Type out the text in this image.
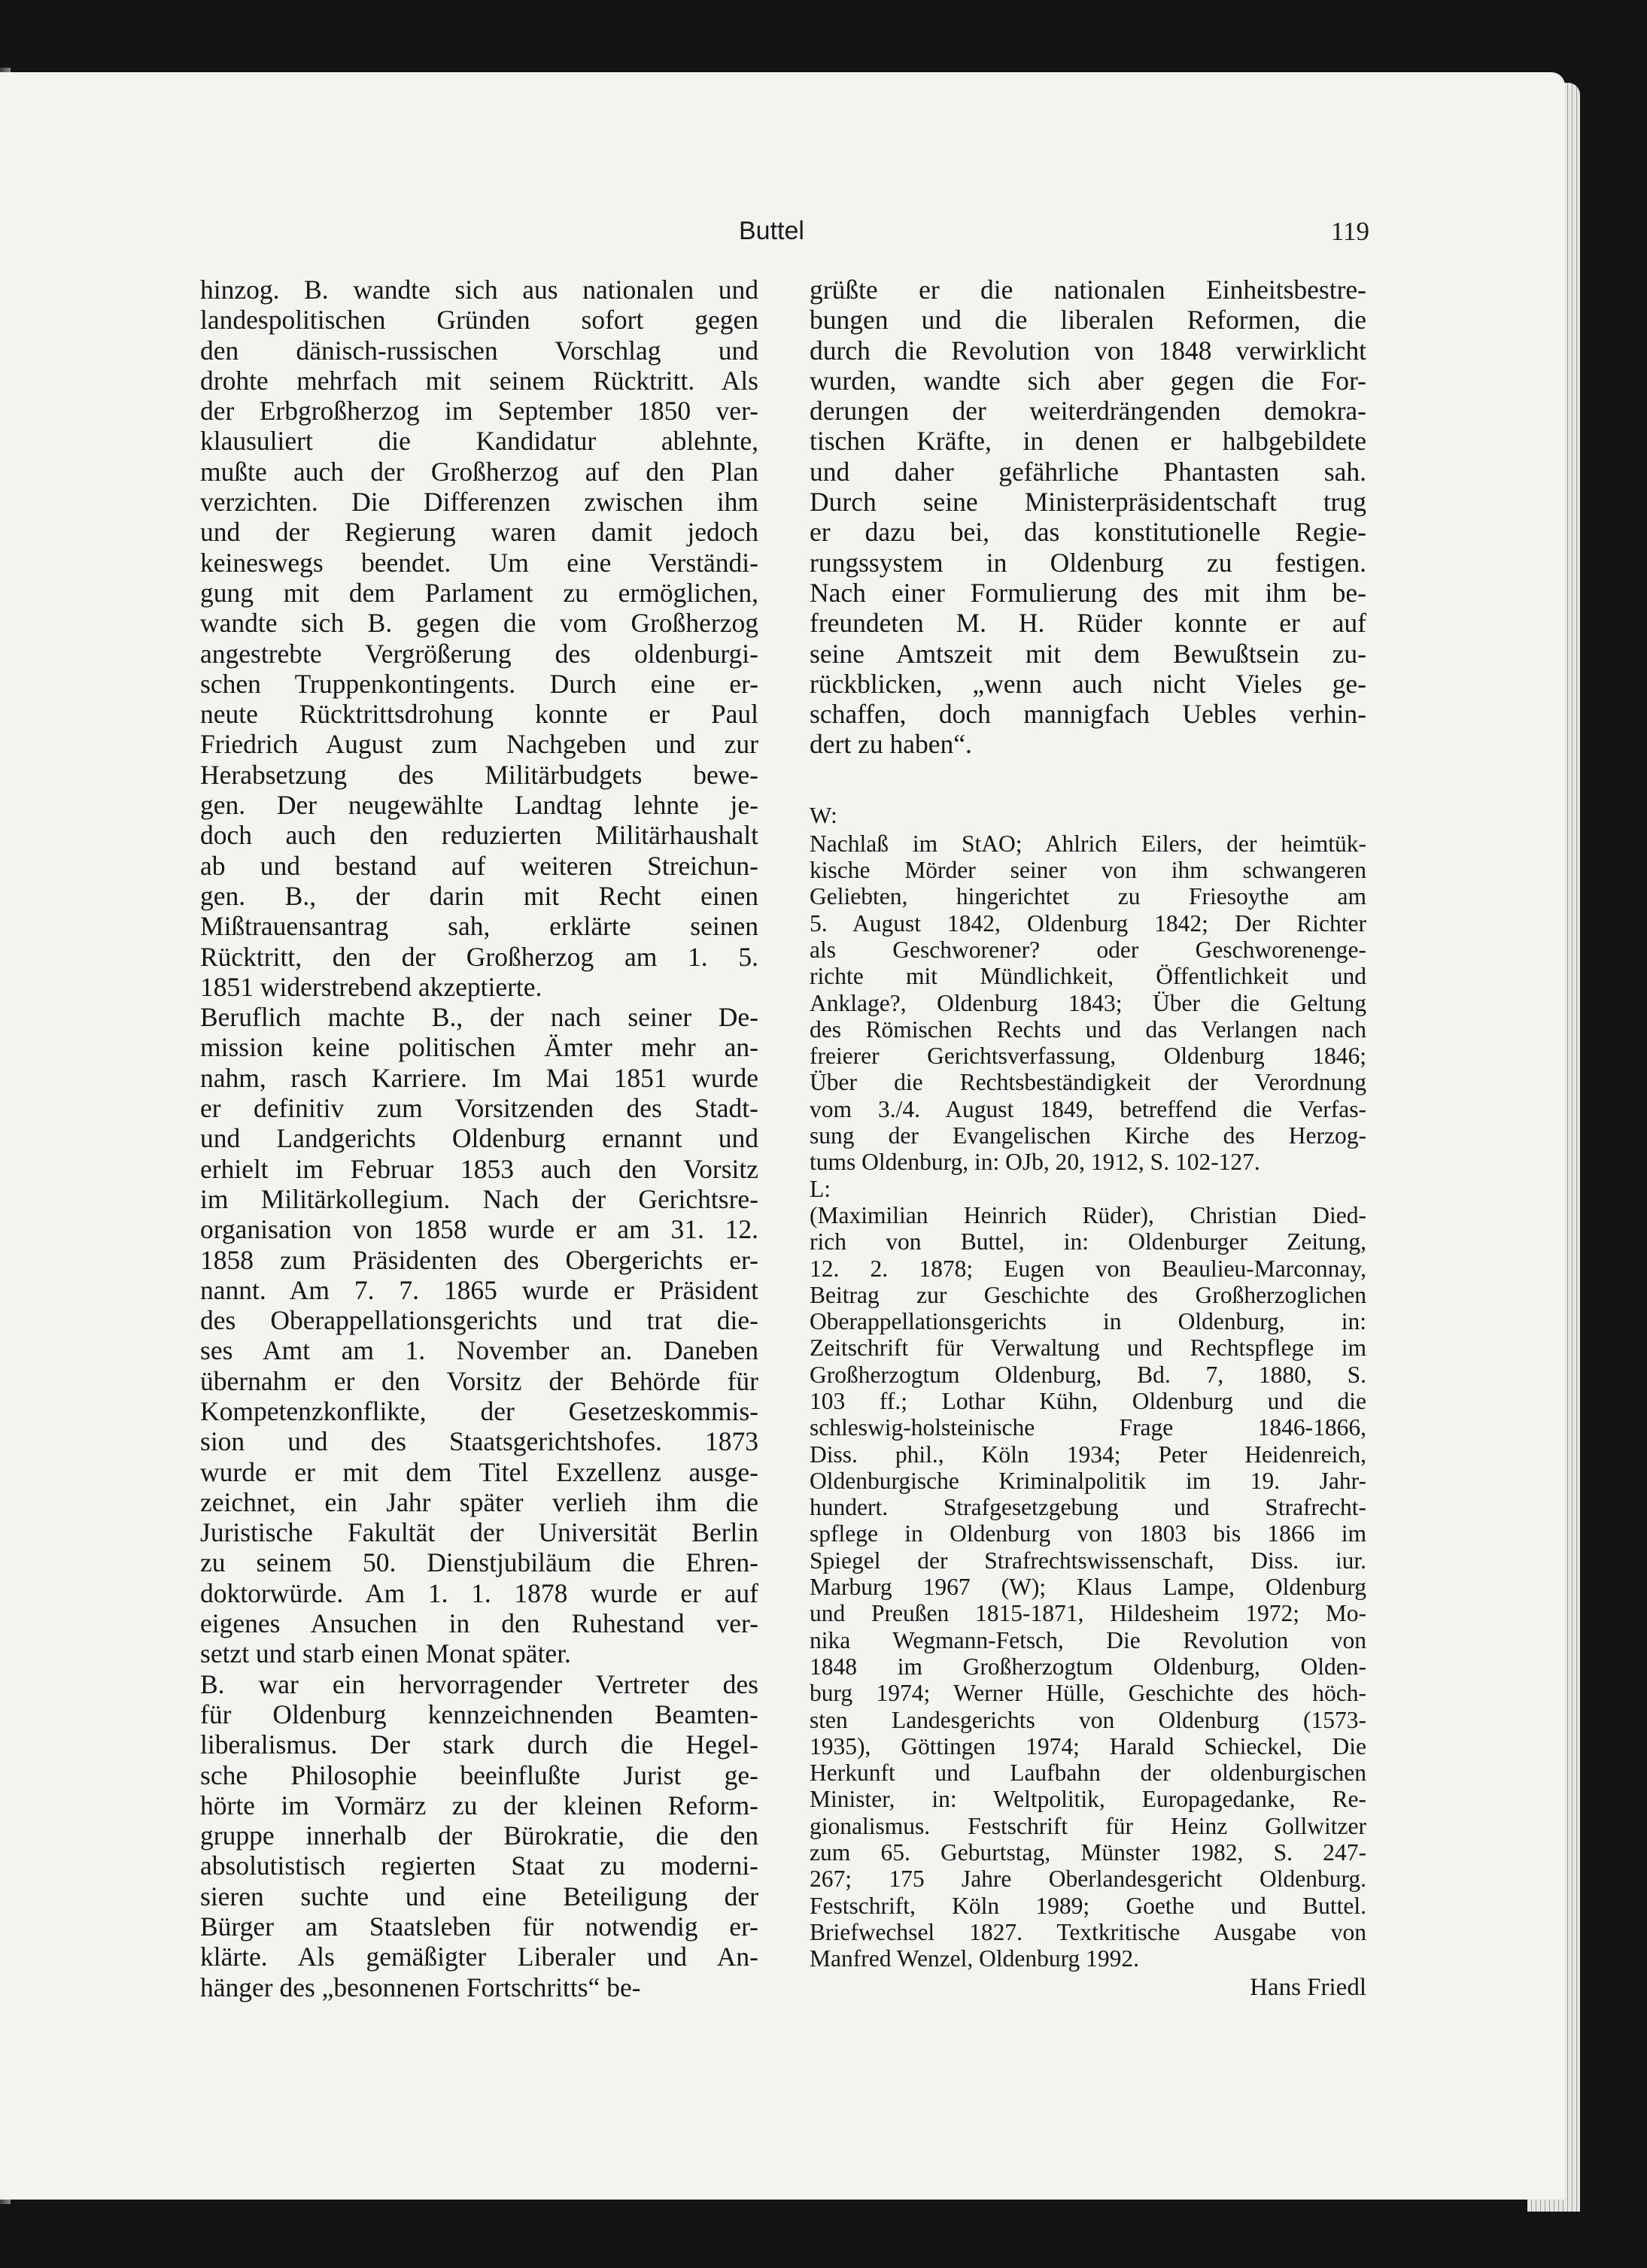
Buttel	119
hinzog. B. wandte sich aus nationalen und
landespolitischen Gründen sofort gegen
den dänisch-russischen Vorschlag und
drohte mehrfach mit seinem Rücktritt. Als
der Erbgroßherzog im September 1850 ver-
klausuliert die Kandidatur ablehnte,
mußte auch der Großherzog auf den Plan
verzichten. Die Differenzen zwischen ihm
und der Regierung waren damit jedoch
keineswegs beendet. Um eine Verständi-
gung mit dem Parlament zu ermöglichen,
wandte sich B. gegen die vom Großherzog
angestrebte Vergrößerung des oldenburgi-
schen Truppenkontingents. Durch eine er-
neute Rücktrittsdrohung konnte er Paul
Friedrich August zum Nachgeben und zur
Herabsetzung des Militärbudgets bewe-
gen. Der neugewählte Landtag lehnte je-
doch auch den reduzierten Militärhaushalt
ab und bestand auf weiteren Streichun-
gen. B., der darin mit Recht einen
Mißtrauensantrag sah, erklärte seinen
Rücktritt, den der Großherzog am 1. 5.
1851 widerstrebend akzeptierte.
Beruflich machte B., der nach seiner De-
mission keine politischen Ämter mehr an-
nahm, rasch Karriere. Im Mai 1851 wurde
er definitiv zum Vorsitzenden des Stadt-
und Landgerichts Oldenburg ernannt und
erhielt im Februar 1853 auch den Vorsitz
im Militärkollegium. Nach der Gerichtsre-
organisation von 1858 wurde er am 31. 12.
1858 zum Präsidenten des Obergerichts er-
nannt. Am 7. 7. 1865 wurde er Präsident
des Oberappellationsgerichts und trat die-
ses Amt am 1. November an. Daneben
übernahm er den Vorsitz der Behörde für
Kompetenzkonflikte, der Gesetzeskommis-
sion und des Staatsgerichtshofes. 1873
wurde er mit dem Titel Exzellenz ausge-
zeichnet, ein Jahr später verlieh ihm die
Juristische Fakultät der Universität Berlin
zu seinem 50. Dienstjubiläum die Ehren-
doktorwürde. Am 1. 1. 1878 wurde er auf
eigenes Ansuchen in den Ruhestand ver-
setzt und starb einen Monat später.
B. war ein hervorragender Vertreter des
für Oldenburg kennzeichnenden Beamten-
liberalismus. Der stark durch die Hegel-
sche Philosophie beeinflußte Jurist ge-
hörte im Vormärz zu der kleinen Reform-
gruppe innerhalb der Bürokratie, die den
absolutistisch regierten Staat zu moderni-
sieren suchte und eine Beteiligung der
Bürger am Staatsleben für notwendig er-
klärte. Als gemäßigter Liberaler und An-
hänger des „besonnenen Fortschritts“ be-
grüßte er die nationalen Einheitsbestre-
bungen und die liberalen Reformen, die
durch die Revolution von 1848 verwirklicht
wurden, wandte sich aber gegen die For-
derungen der weiterdrängenden demokra-
tischen Kräfte, in denen er halbgebildete
und daher gefährliche Phantasten sah.
Durch seine Ministerpräsidentschaft trug
er dazu bei, das konstitutionelle Regie-
rungssystem in Oldenburg zu festigen.
Nach einer Formulierung des mit ihm be-
freundeten M. H. Rüder konnte er auf
seine Amtszeit mit dem Bewußtsein zu-
rückblicken, „wenn auch nicht Vieles ge-
schaffen, doch mannigfach Uebles verhin-
dert zu haben“.
W:
Nachlaß im StAO; Ahlrich Eilers, der heimtük-
kische Mörder seiner von ihm schwangeren
Geliebten, hingerichtet zu Friesoythe am
5. August 1842, Oldenburg 1842; Der Richter
als Geschworener? oder Geschworenenge-
richte mit Mündlichkeit, Öffentlichkeit und
Anklage?, Oldenburg 1843; Über die Geltung
des Römischen Rechts und das Verlangen nach
freierer Gerichtsverfassung, Oldenburg 1846;
Über die Rechtsbeständigkeit der Verordnung
vom 3./4. August 1849, betreffend die Verfas-
sung der Evangelischen Kirche des Herzog-
tums Oldenburg, in: OJb, 20, 1912, S. 102-127.
L:
(Maximilian Heinrich Rüder), Christian Died-
rich von Buttel, in: Oldenburger Zeitung,
12. 2. 1878; Eugen von Beaulieu-Marconnay,
Beitrag zur Geschichte des Großherzoglichen
Oberappellationsgerichts in Oldenburg, in:
Zeitschrift für Verwaltung und Rechtspflege im
Großherzogtum Oldenburg, Bd. 7, 1880, S.
103 ff.; Lothar Kühn, Oldenburg und die
schleswig-holsteinische Frage 1846-1866,
Diss. phil., Köln 1934; Peter Heidenreich,
Oldenburgische Kriminalpolitik im 19. Jahr-
hundert. Strafgesetzgebung und Strafrecht-
spflege in Oldenburg von 1803 bis 1866 im
Spiegel der Strafrechtswissenschaft, Diss. iur.
Marburg 1967 (W); Klaus Lampe, Oldenburg
und Preußen 1815-1871, Hildesheim 1972; Mo-
nika Wegmann-Fetsch, Die Revolution von
1848 im Großherzogtum Oldenburg, Olden-
burg 1974; Werner Hülle, Geschichte des höch-
sten Landesgerichts von Oldenburg (1573-
1935), Göttingen 1974; Harald Schieckel, Die
Herkunft und Laufbahn der oldenburgischen
Minister, in: Weltpolitik, Europagedanke, Re-
gionalismus. Festschrift für Heinz Gollwitzer
zum 65. Geburtstag, Münster 1982, S. 247-
267; 175 Jahre Oberlandesgericht Oldenburg.
Festschrift, Köln 1989; Goethe und Buttel.
Briefwechsel 1827. Textkritische Ausgabe von
Manfred Wenzel, Oldenburg 1992.
Hans Friedl
